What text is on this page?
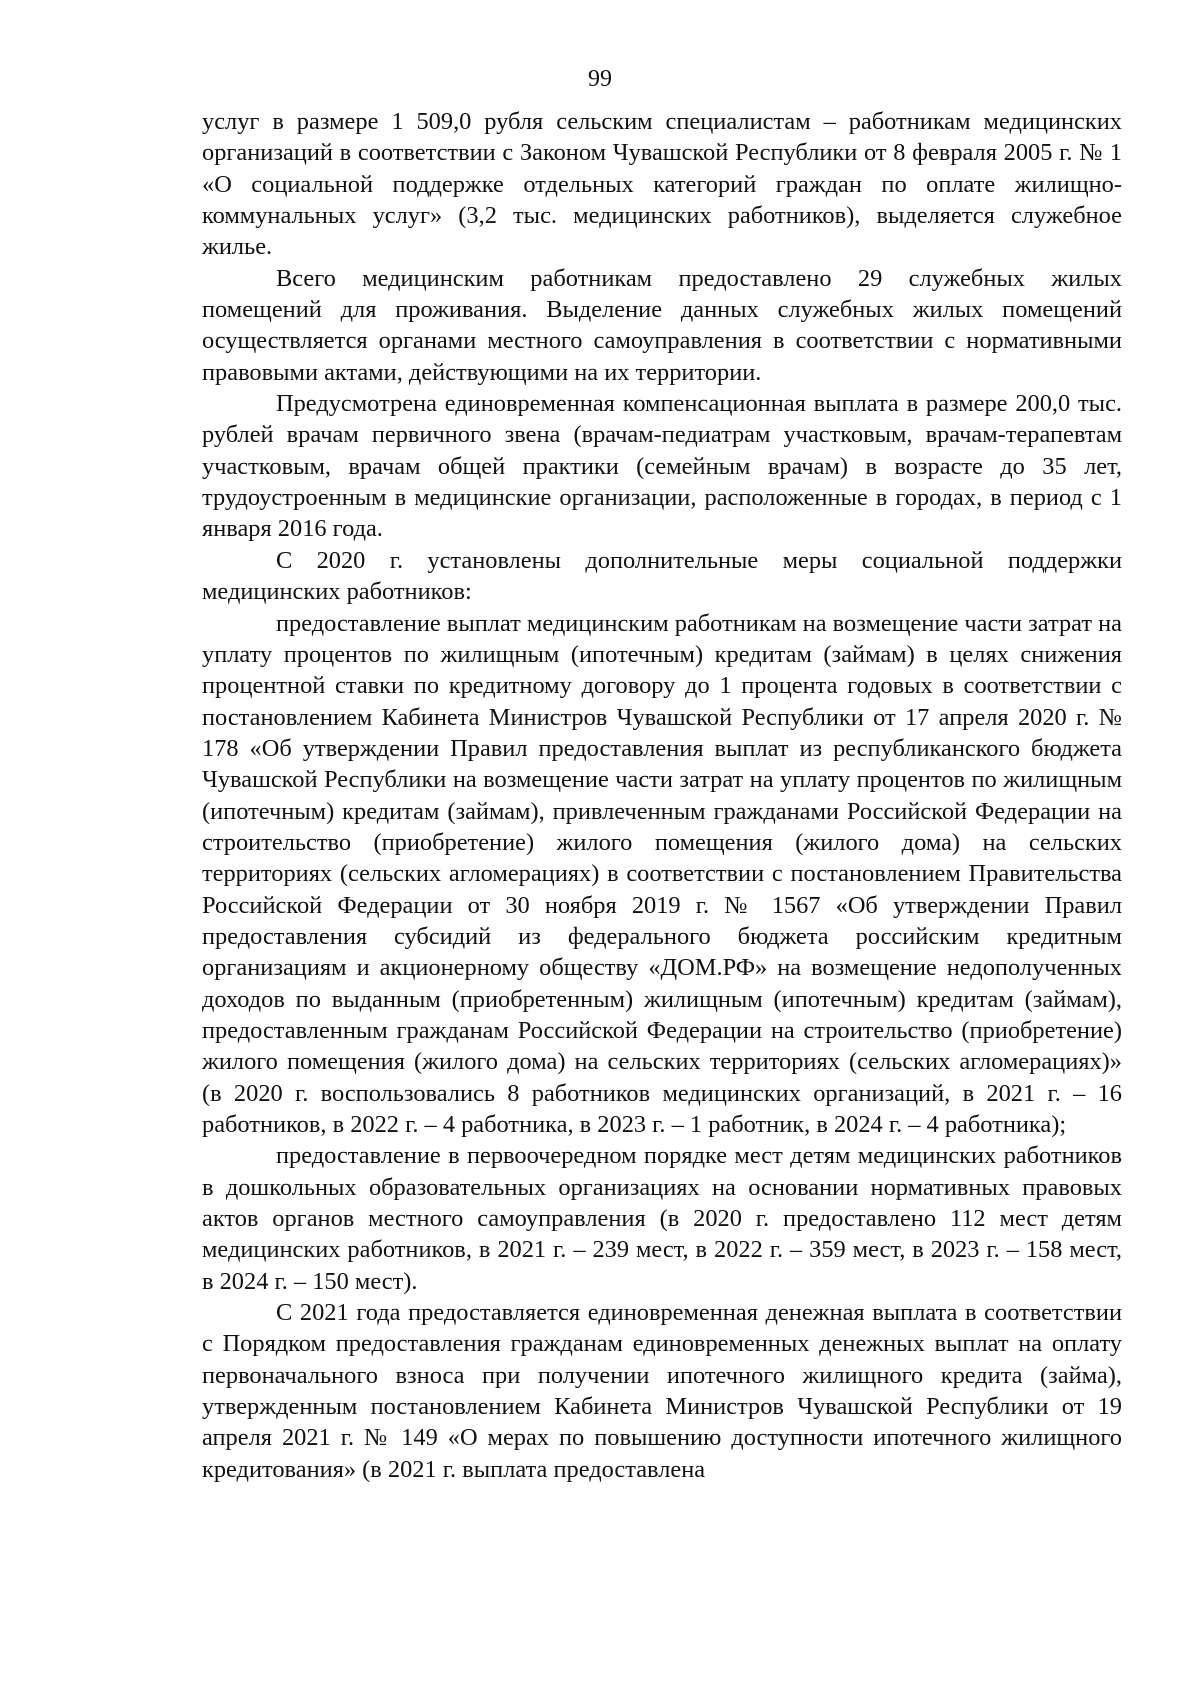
99

услуг в размере 1 509,0 рубля сельским специалистам – работникам медицинских организаций в соответствии с Законом Чувашской Республики от 8 февраля 2005 г. № 1 «О социальной поддержке отдельных категорий граждан по оплате жилищно-коммунальных услуг» (3,2 тыс. медицинских работников), выделяется служебное жилье.

Всего медицинским работникам предоставлено 29 служебных жилых помещений для проживания. Выделение данных служебных жилых помещений осуществляется органами местного самоуправления в соответствии с нормативными правовыми актами, действующими на их территории.

Предусмотрена единовременная компенсационная выплата в размере 200,0 тыс. рублей врачам первичного звена (врачам-педиатрам участковым, врачам-терапевтам участковым, врачам общей практики (семейным врачам) в возрасте до 35 лет, трудоустроенным в медицинские организации, расположенные в городах, в период с 1 января 2016 года.

С 2020 г. установлены дополнительные меры социальной поддержки медицинских работников:

предоставление выплат медицинским работникам на возмещение части затрат на уплату процентов по жилищным (ипотечным) кредитам (займам) в целях снижения процентной ставки по кредитному договору до 1 процента годовых в соответствии с постановлением Кабинета Министров Чувашской Республики от 17 апреля 2020 г. № 178 «Об утверждении Правил предоставления выплат из республиканского бюджета Чувашской Республики на возмещение части затрат на уплату процентов по жилищным (ипотечным) кредитам (займам), привлеченным гражданами Российской Федерации на строительство (приобретение) жилого помещения (жилого дома) на сельских территориях (сельских агломерациях) в соответствии с постановлением Правительства Российской Федерации от 30 ноября 2019 г. № 1567 «Об утверждении Правил предоставления субсидий из федерального бюджета российским кредитным организациям и акционерному обществу «ДОМ.РФ» на возмещение недополученных доходов по выданным (приобретенным) жилищным (ипотечным) кредитам (займам), предоставленным гражданам Российской Федерации на строительство (приобретение) жилого помещения (жилого дома) на сельских территориях (сельских агломерациях)» (в 2020 г. воспользовались 8 работников медицинских организаций, в 2021 г. – 16 работников, в 2022 г. – 4 работника, в 2023 г. – 1 работник, в 2024 г. – 4 работника);

предоставление в первоочередном порядке мест детям медицинских работников в дошкольных образовательных организациях на основании нормативных правовых актов органов местного самоуправления (в 2020 г. предоставлено 112 мест детям медицинских работников, в 2021 г. – 239 мест, в 2022 г. – 359 мест, в 2023 г. – 158 мест, в 2024 г. – 150 мест).

С 2021 года предоставляется единовременная денежная выплата в соответствии с Порядком предоставления гражданам единовременных денежных выплат на оплату первоначального взноса при получении ипотечного жилищного кредита (займа), утвержденным постановлением Кабинета Министров Чувашской Республики от 19 апреля 2021 г. № 149 «О мерах по повышению доступности ипотечного жилищного кредитования» (в 2021 г. выплата предоставлена
